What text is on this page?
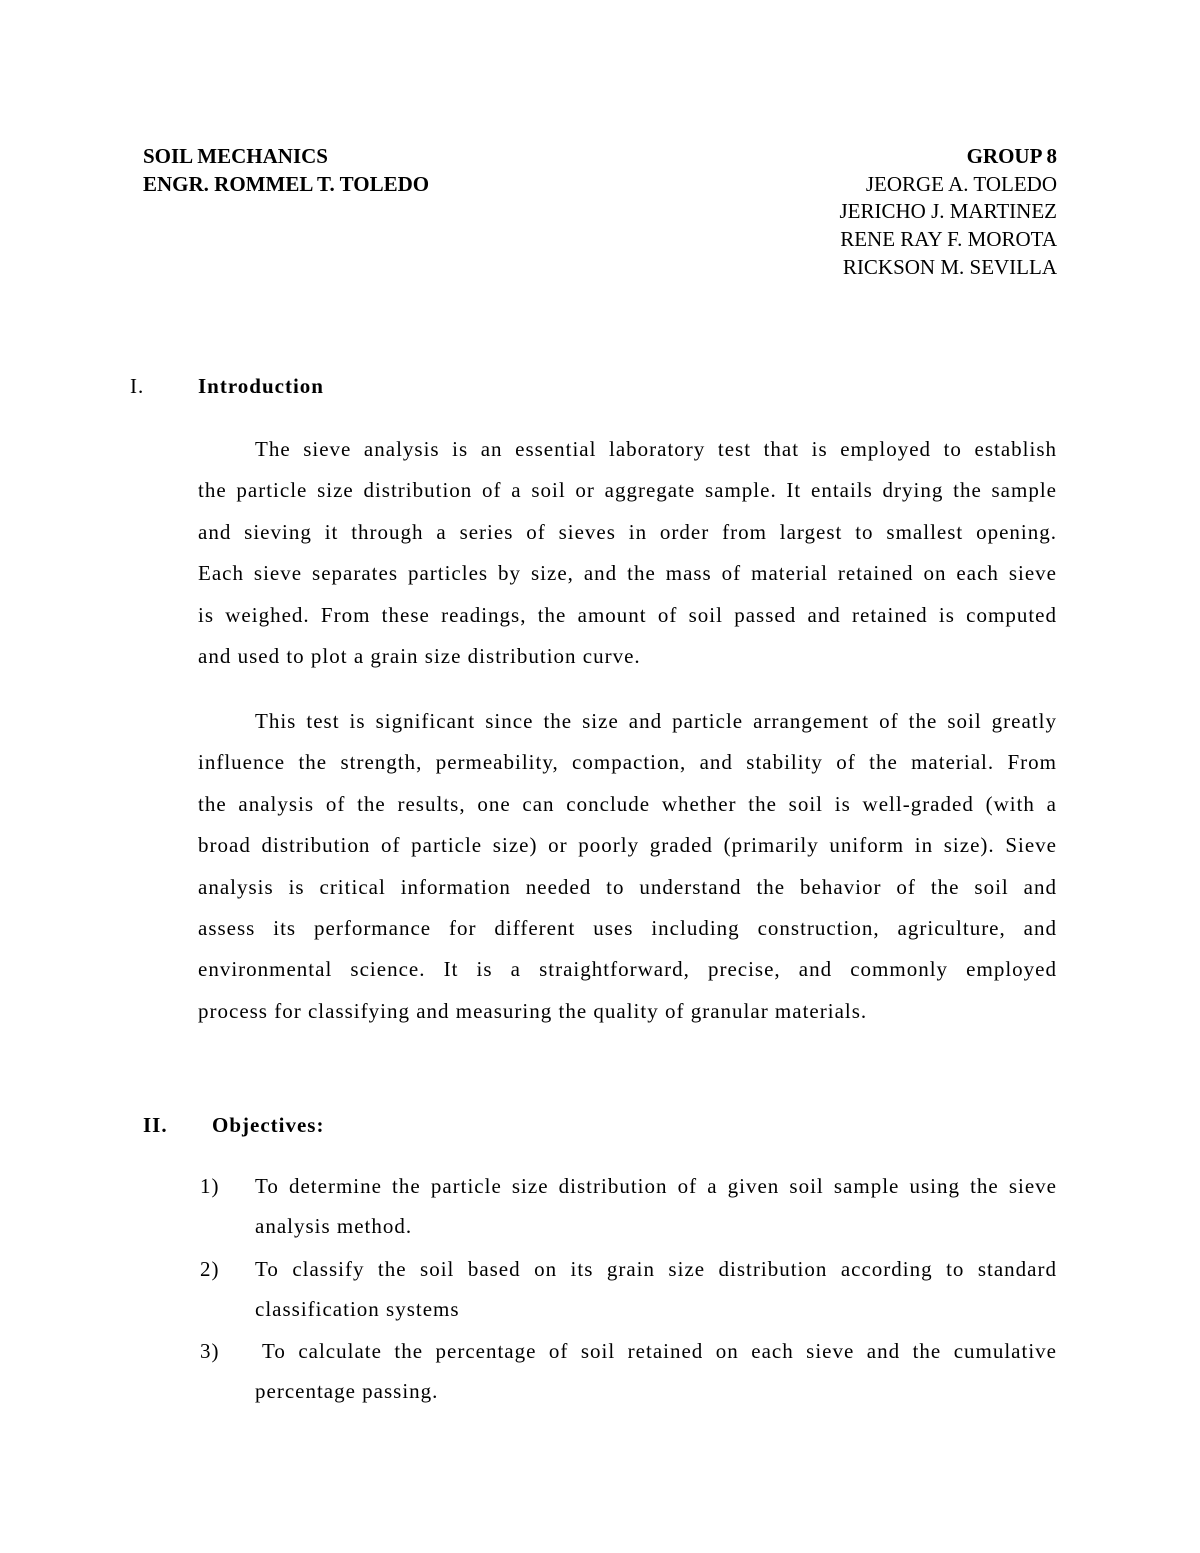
SOIL MECHANICS
ENGR. ROMMEL T. TOLEDO
GROUP 8
JEORGE A. TOLEDO
JERICHO J. MARTINEZ
RENE RAY F. MOROTA
RICKSON M. SEVILLA
I.	Introduction
The sieve analysis is an essential laboratory test that is employed to establish
the particle size distribution of a soil or aggregate sample. It entails drying the sample
and sieving it through a series of sieves in order from largest to smallest opening.
Each sieve separates particles by size, and the mass of material retained on each sieve
is weighed. From these readings, the amount of soil passed and retained is computed
and used to plot a grain size distribution curve.
This test is significant since the size and particle arrangement of the soil greatly
influence the strength, permeability, compaction, and stability of the material. From
the analysis of the results, one can conclude whether the soil is well-graded (with a
broad distribution of particle size) or poorly graded (primarily uniform in size). Sieve
analysis is critical information needed to understand the behavior of the soil and
assess its performance for different uses including construction, agriculture, and
environmental science. It is a straightforward, precise, and commonly employed
process for classifying and measuring the quality of granular materials.
II. Objectives:
1) To determine the particle size distribution of a given soil sample using the sieve
analysis method.
2) To classify the soil based on its grain size distribution according to standard
classification systems
3)	To calculate the percentage of soil retained on each sieve and the cumulative
percentage passing.
